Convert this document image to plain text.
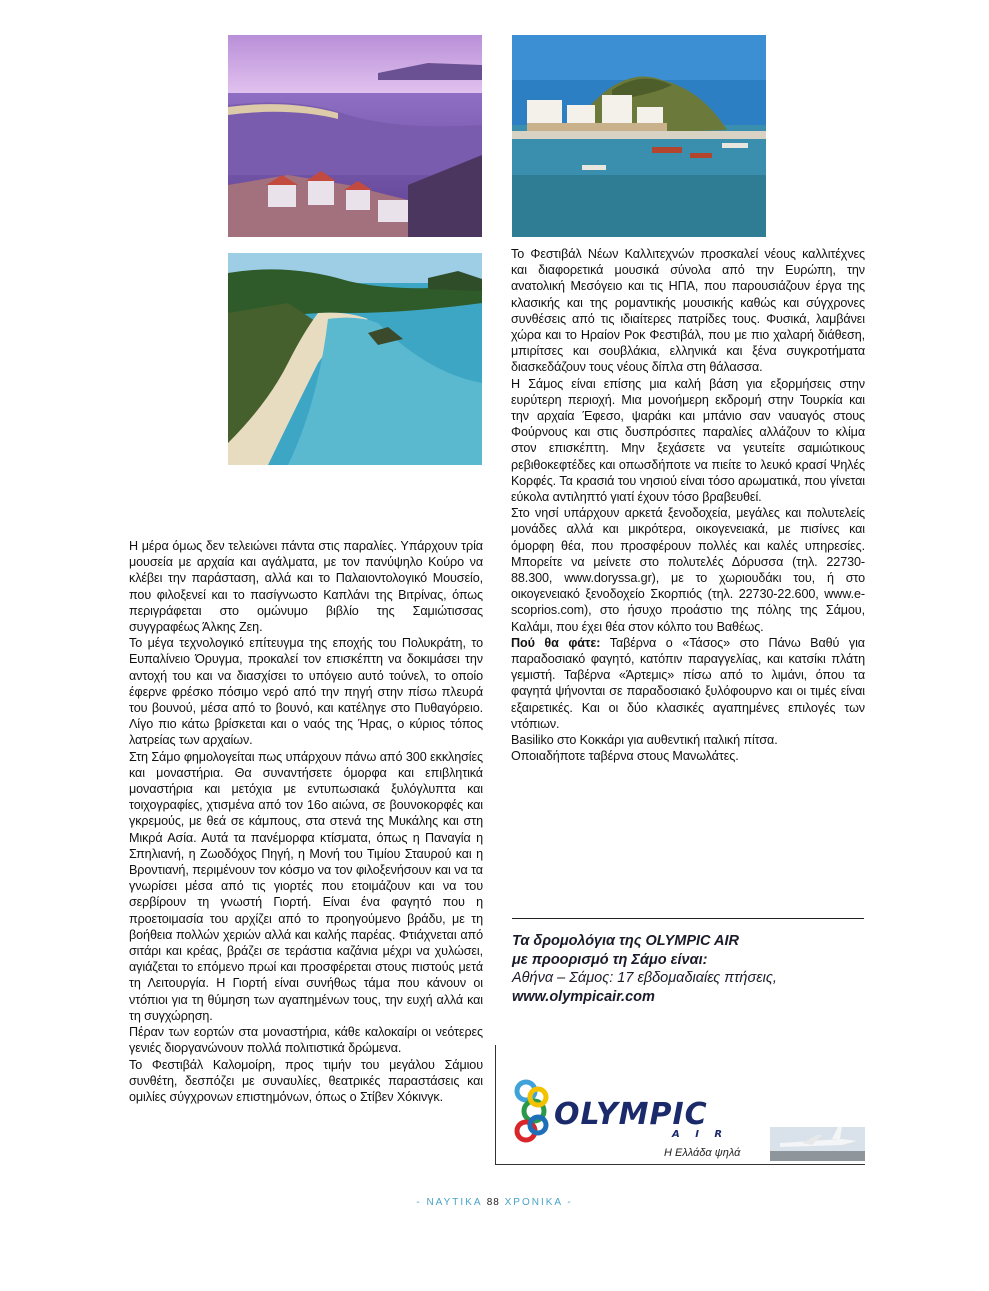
Η μέρα όμως δεν τελειώνει πάντα στις παραλίες. Υπάρχουν τρία μουσεία με αρχαία και αγάλματα, με τον πανύψηλο Κούρο να κλέβει την παράσταση, αλλά και το Παλαιοντολογικό Μουσείο, που φιλοξενεί και το πασίγνωστο Καπλάνι της Βιτρίνας, όπως περιγράφεται στο ομώνυμο βιβλίο της Σαμιώτισσας συγγραφέως Άλκης Ζεη.

Το μέγα τεχνολογικό επίτευγμα της εποχής του Πολυκράτη, το Ευπαλίνειο Όρυγμα, προκαλεί τον επισκέπτη να δοκιμάσει την αντοχή του και να διασχίσει το υπόγειο αυτό τούνελ, το οποίο έφερνε φρέσκο πόσιμο νερό από την πηγή στην πίσω πλευρά του βουνού, μέσα από το βουνό, και κατέληγε στο Πυθαγόρειο. Λίγο πιο κάτω βρίσκεται και ο ναός της Ήρας, ο κύριος τόπος λατρείας των αρχαίων.

Στη Σάμο φημολογείται πως υπάρχουν πάνω από 300 εκκλησίες και μοναστήρια. Θα συναντήσετε όμορφα και επιβλητικά μοναστήρια και μετόχια με εντυπωσιακά ξυλόγλυπτα και τοιχογραφίες, χτισμένα από τον 16ο αιώνα, σε βουνοκορφές και γκρεμούς, με θεά σε κάμπους, στα στενά της Μυκάλης και στη Μικρά Ασία. Αυτά τα πανέμορφα κτίσματα, όπως η Παναγία η Σπηλιανή, η Ζωοδόχος Πηγή, η Μονή του Τιμίου Σταυρού και η Βροντιανή, περιμένουν τον κόσμο να τον φιλοξενήσουν και να τα γνωρίσει μέσα από τις γιορτές που ετοιμάζουν και να του σερβίρουν τη γνωστή Γιορτή. Είναι ένα φαγητό που η προετοιμασία του αρχίζει από το προηγούμενο βράδυ, με τη βοήθεια πολλών χεριών αλλά και καλής παρέας. Φτιάχνεται από σιτάρι και κρέας, βράζει σε τεράστια καζάνια μέχρι να χυλώσει, αγιάζεται το επόμενο πρωί και προσφέρεται στους πιστούς μετά τη Λειτουργία. Η Γιορτή είναι συνήθως τάμα που κάνουν οι ντόπιοι για τη θύμηση των αγαπημένων τους, την ευχή αλλά και τη συγχώρηση.

Πέραν των εορτών στα μοναστήρια, κάθε καλοκαίρι οι νεότερες γενιές διοργανώνουν πολλά πολιτιστικά δρώμενα.

Το Φεστιβάλ Καλομοίρη, προς τιμήν του μεγάλου Σάμιου συνθέτη, δεσπόζει με συναυλίες, θεατρικές παραστάσεις και ομιλίες σύγχρονων επιστημόνων, όπως ο Στίβεν Χόκινγκ.

Το Φεστιβάλ Νέων Καλλιτεχνών προσκαλεί νέους καλλιτέχνες και διαφορετικά μουσικά σύνολα από την Ευρώπη, την ανατολική Μεσόγειο και τις ΗΠΑ, που παρουσιάζουν έργα της κλασικής και της ρομαντικής μουσικής καθώς και σύγχρονες συνθέσεις από τις ιδιαίτερες πατρίδες τους. Φυσικά, λαμβάνει χώρα και το Ηραίον Ροκ Φεστιβάλ, που με πιο χαλαρή διάθεση, μπιρίτσες και σουβλάκια, ελληνικά και ξένα συγκροτήματα διασκεδάζουν τους νέους δίπλα στη θάλασσα.

Η Σάμος είναι επίσης μια καλή βάση για εξορμήσεις στην ευρύτερη περιοχή. Μια μονοήμερη εκδρομή στην Τουρκία και την αρχαία Έφεσο, ψαράκι και μπάνιο σαν ναυαγός στους Φούρνους και στις δυσπρόσιτες παραλίες αλλάζουν το κλίμα στον επισκέπτη. Μην ξεχάσετε να γευτείτε σαμιώτικους ρεβιθοκεφτέδες και οπωσδήποτε να πιείτε το λευκό κρασί Ψηλές Κορφές. Τα κρασιά του νησιού είναι τόσο αρωματικά, που γίνεται εύκολα αντιληπτό γιατί έχουν τόσο βραβευθεί.

Στο νησί υπάρχουν αρκετά ξενοδοχεία, μεγάλες και πολυτελείς μονάδες αλλά και μικρότερα, οικογενειακά, με πισίνες και όμορφη θέα, που προσφέρουν πολλές και καλές υπηρεσίες. Μπορείτε να μείνετε στο πολυτελές Δόρυσσα (τηλ. 22730-88.300, www.doryssa.gr), με το χωριουδάκι του, ή στο οικογενειακό ξενοδοχείο Σκορπιός (τηλ. 22730-22.600, www.e-scoprios.com), στο ήσυχο προάστιο της πόλης της Σάμου, Καλάμι, που έχει θέα στον κόλπο του Βαθέως.

Πού θα φάτε: Ταβέρνα ο «Τάσος» στο Πάνω Βαθύ για παραδοσιακό φαγητό, κατόπιν παραγγελίας, και κατσίκι πλάτη γεμιστή. Ταβέρνα «Άρτεμις» πίσω από το λιμάνι, όπου τα φαγητά ψήνονται σε παραδοσιακό ξυλόφουρνο και οι τιμές είναι εξαιρετικές. Και οι δύο κλασικές αγαπημένες επιλογές των ντόπιων.

Basiliko στο Κοκκάρι για αυθεντική ιταλική πίτσα.

Οποιαδήποτε ταβέρνα στους Μανωλάτες.

Τα δρομολόγια της OLYMPIC AIR
με προορισμό τη Σάμο είναι:
Αθήνα – Σάμος: 17 εβδομαδιαίες πτήσεις,
www.olympicair.com
OLYMPIC
A I R
Η Ελλάδα ψηλά
- ΝΑΥΤΙΚΑ 88 ΧΡΟΝΙΚΑ -
